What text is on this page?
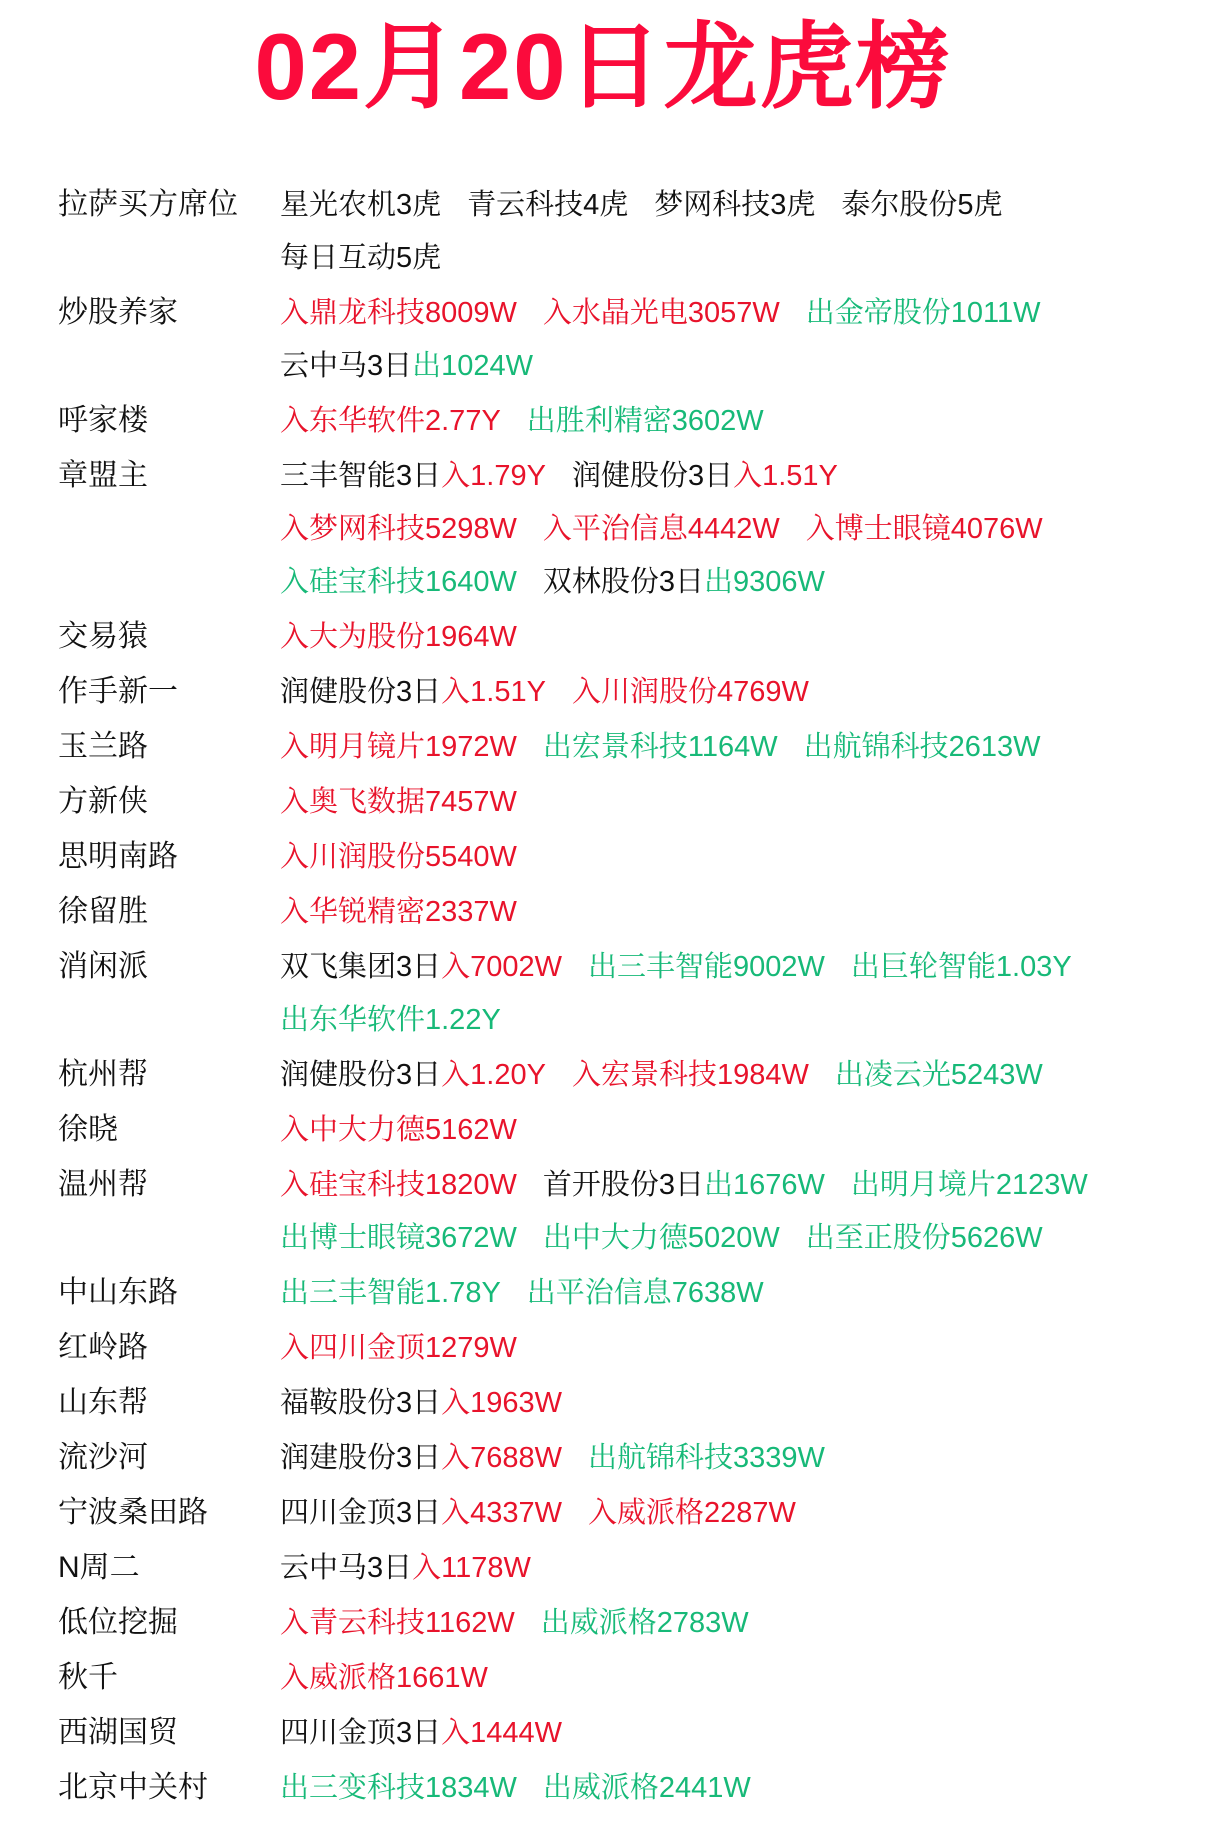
02月20日龙虎榜
拉萨买方席位	星光农机3虎 青云科技4虎 梦网科技3虎 泰尔股份5虎
每日互动5虎
炒股养家	入鼎龙科技8009W 入水晶光电3057W 出金帝股份1011W
云中马3日出1024W
呼家楼	入东华软件2.77Y 出胜利精密3602W
章盟主	三丰智能3日入1.79Y 润健股份3日入1.51Y
入梦网科技5298W 入平治信息4442W 入博士眼镜4076W
入硅宝科技1640W 双林股份3日出9306W
交易猿	入大为股份1964W
作手新一	润健股份3日入1.51Y 入川润股份4769W
玉兰路	入明月镜片1972W 出宏景科技1164W 出航锦科技2613W
方新侠	入奥飞数据7457W
思明南路	入川润股份5540W
徐留胜	入华锐精密2337W
消闲派	双飞集团3日入7002W 出三丰智能9002W 出巨轮智能1.03Y
出东华软件1.22Y
杭州帮	润健股份3日入1.20Y 入宏景科技1984W 出凌云光5243W
徐晓	入中大力德5162W
温州帮	入硅宝科技1820W 首开股份3日出1676W 出明月境片2123W
出博士眼镜3672W 出中大力德5020W 出至正股份5626W
中山东路	出三丰智能1.78Y 出平治信息7638W
红岭路	入四川金顶1279W
山东帮	福鞍股份3日入1963W
流沙河	润建股份3日入7688W 出航锦科技3339W
宁波桑田路	四川金顶3日入4337W 入威派格2287W
N周二	云中马3日入1178W
低位挖掘	入青云科技1162W 出威派格2783W
秋千	入威派格1661W
西湖国贸	四川金顶3日入1444W
北京中关村	出三变科技1834W 出威派格2441W
